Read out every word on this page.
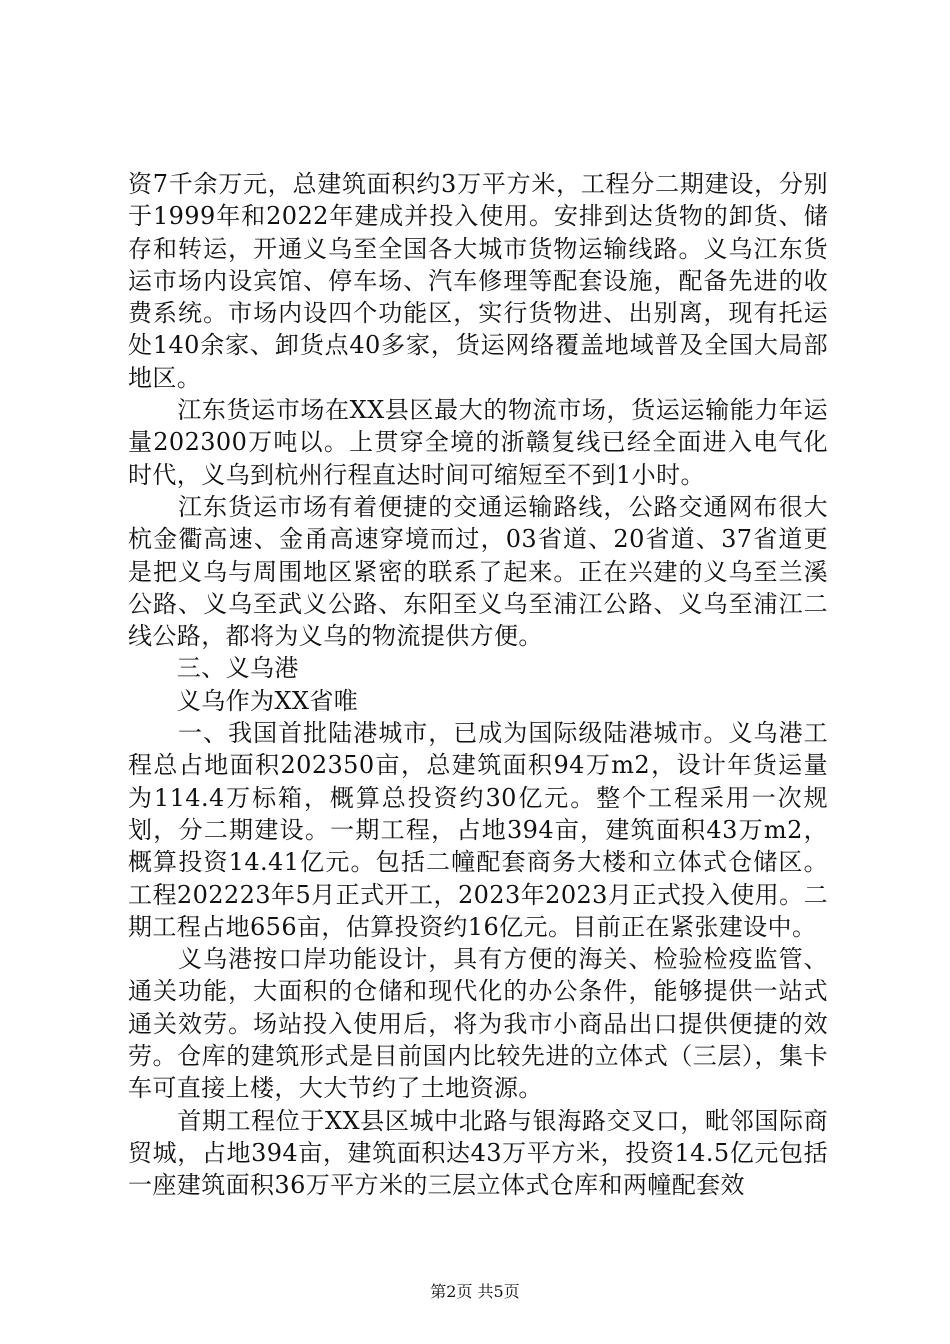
资7千余万元，总建筑面积约3万平方米，工程分二期建设，分别于1999年和2022年建成并投入使用。安排到达货物的卸货、储存和转运，开通义乌至全国各大城市货物运输线路。义乌江东货运市场内设宾馆、停车场、汽车修理等配套设施，配备先进的收费系统。市场内设四个功能区，实行货物进、出别离，现有托运处140余家、卸货点40多家，货运网络覆盖地域普及全国大局部地区。

　　江东货运市场在XX县区最大的物流市场，货运运输能力年运量202300万吨以。上贯穿全境的浙赣复线已经全面进入电气化时代，义乌到杭州行程直达时间可缩短至不到1小时。

　　江东货运市场有着便捷的交通运输路线，公路交通网布很大杭金衢高速、金甬高速穿境而过，03省道、20省道、37省道更是把义乌与周围地区紧密的联系了起来。正在兴建的义乌至兰溪公路、义乌至武义公路、东阳至义乌至浦江公路、义乌至浦江二线公路，都将为义乌的物流提供方便。

　　三、义乌港

　　义乌作为XX省唯

　　一、我国首批陆港城市，已成为国际级陆港城市。义乌港工程总占地面积202350亩，总建筑面积94万m2，设计年货运量为114.4万标箱，概算总投资约30亿元。整个工程采用一次规划，分二期建设。一期工程，占地394亩，建筑面积43万m2，概算投资14.41亿元。包括二幢配套商务大楼和立体式仓储区。工程202223年5月正式开工，2023年2023月正式投入使用。二期工程占地656亩，估算投资约16亿元。目前正在紧张建设中。

　　义乌港按口岸功能设计，具有方便的海关、检验检疫监管、通关功能，大面积的仓储和现代化的办公条件，能够提供一站式通关效劳。场站投入使用后，将为我市小商品出口提供便捷的效劳。仓库的建筑形式是目前国内比较先进的立体式（三层），集卡车可直接上楼，大大节约了土地资源。

　　首期工程位于XX县区城中北路与银海路交叉口，毗邻国际商贸城，占地394亩，建筑面积达43万平方米，投资14.5亿元包括一座建筑面积36万平方米的三层立体式仓库和两幢配套效

第2页 共5页
